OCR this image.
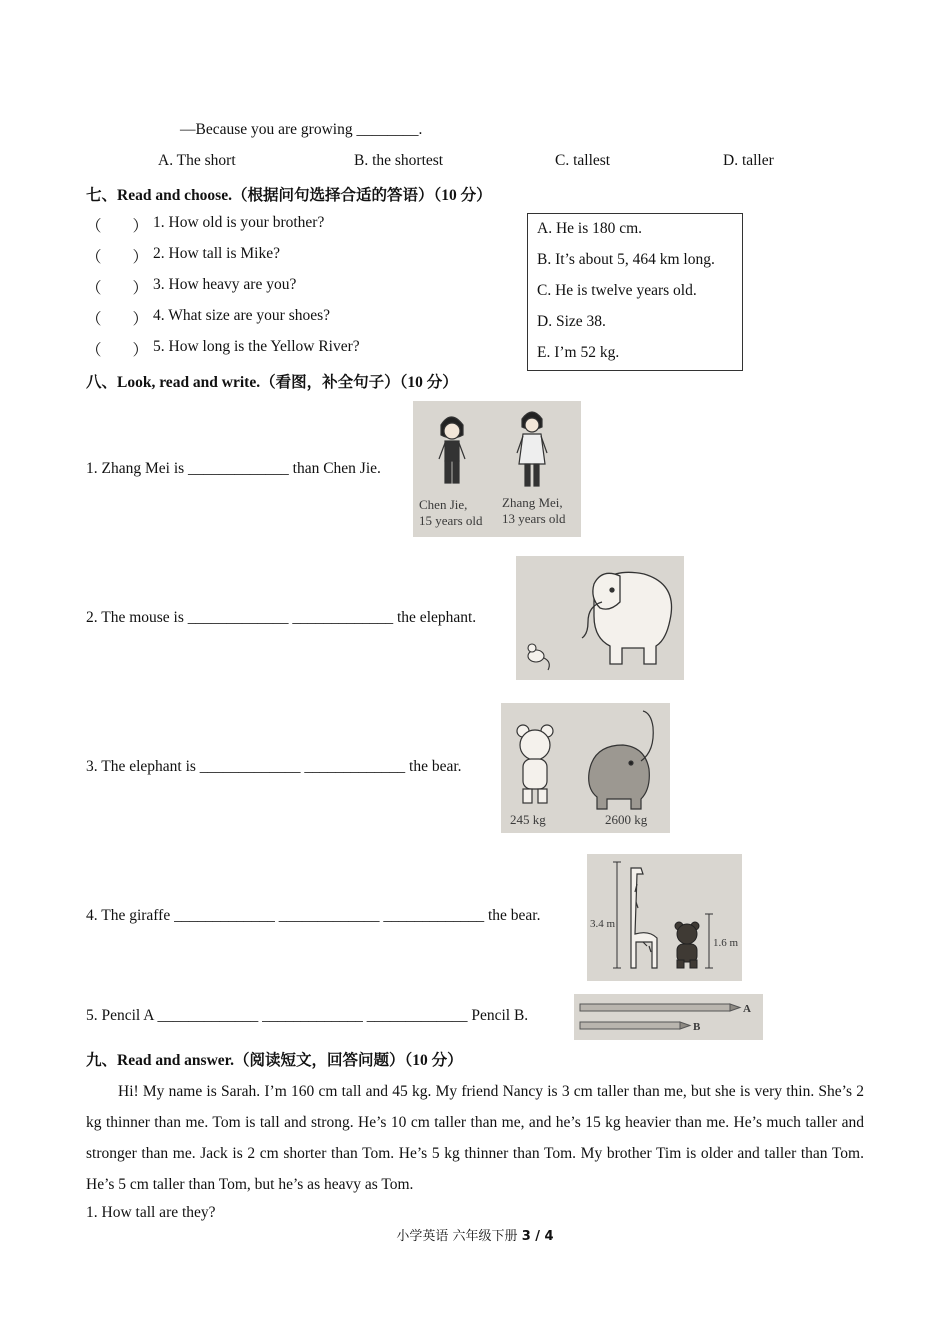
—Because you are growing ________.
A. The short	B. the shortest	C. tallest	D. taller
七、Read and choose.（根据问句选择合适的答语）（10 分）
（　　） 1. How old is your brother?
（　　） 2. How tall is Mike?
（　　） 3. How heavy are you?
（　　） 4. What size are your shoes?
（　　） 5. How long is the Yellow River?
A. He is 180 cm.
B. It’s about 5, 464 km long.
C. He is twelve years old.
D. Size 38.
E. I’m 52 kg.
八、Look, read and write.（看图，补全句子）（10 分）
1. Zhang Mei is _____________ than Chen Jie.
Chen Jie,
15 years old
Zhang Mei,
13 years old
2. The mouse is _____________ _____________ the elephant.
3. The elephant is _____________ _____________ the bear.
245 kg	2600 kg
4. The giraffe _____________ _____________ _____________ the bear.	3.4 m
1.6 m
5. Pencil A _____________ _____________ _____________ Pencil B.	A
B
九、Read and answer.（阅读短文，回答问题）（10 分）
Hi! My name is Sarah. I’m 160 cm tall and 45 kg. My friend Nancy is 3 cm taller than me, but she is very thin. She’s 2 kg thinner than me. Tom is tall and strong. He’s 10 cm taller than me, and he’s 15 kg heavier than me. He’s much taller and stronger than me. Jack is 2 cm shorter than Tom. He’s 5 kg thinner than Tom. My brother Tim is older and taller than Tom. He’s 5 cm taller than Tom, but he’s as heavy as Tom.
1. How tall are they?
小学英语 六年级下册 3 / 4
